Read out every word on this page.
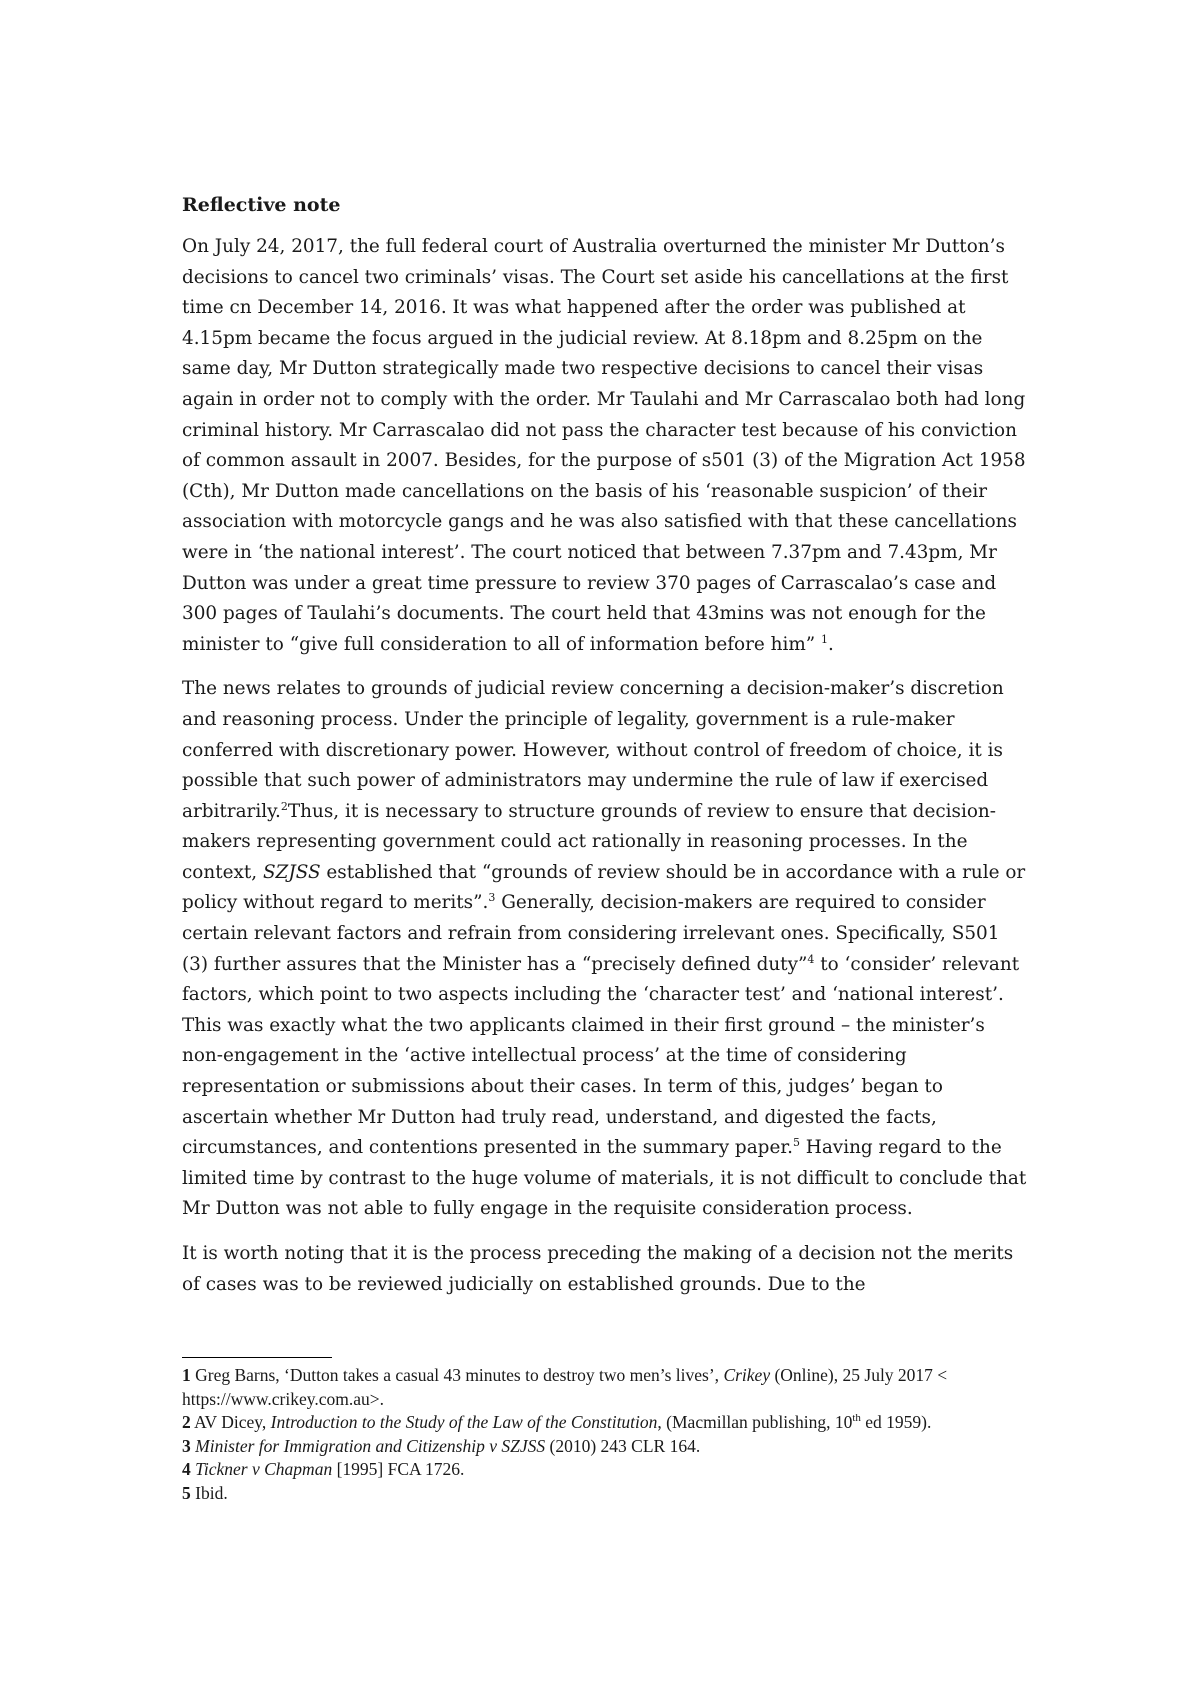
Reflective note

On July 24, 2017, the full federal court of Australia overturned the minister Mr Dutton’s decisions to cancel two criminals’ visas. The Court set aside his cancellations at the first time cn December 14, 2016. It was what happened after the order was published at 4.15pm became the focus argued in the judicial review. At 8.18pm and 8.25pm on the same day, Mr Dutton strategically made two respective decisions to cancel their visas again in order not to comply with the order. Mr Taulahi and Mr Carrascalao both had long criminal history. Mr Carrascalao did not pass the character test because of his conviction of common assault in 2007. Besides, for the purpose of s501 (3) of the Migration Act 1958 (Cth), Mr Dutton made cancellations on the basis of his ‘reasonable suspicion’ of their association with motorcycle gangs and he was also satisfied with that these cancellations were in ‘the national interest’. The court noticed that between 7.37pm and 7.43pm, Mr Dutton was under a great time pressure to review 370 pages of Carrascalao’s case and 300 pages of Taulahi’s documents. The court held that 43mins was not enough for the minister to “give full consideration to all of information before him” $^1$.

The news relates to grounds of judicial review concerning a decision-maker’s discretion and reasoning process. Under the principle of legality, government is a rule-maker conferred with discretionary power. However, without control of freedom of choice, it is possible that such power of administrators may undermine the rule of law if exercised arbitrarily.$^2$Thus, it is necessary to structure grounds of review to ensure that decision-makers representing government could act rationally in reasoning processes. In the context, SZJSS established that “grounds of review should be in accordance with a rule or policy without regard to merits”.$^3$ Generally, decision-makers are required to consider certain relevant factors and refrain from considering irrelevant ones. Specifically, S501 (3) further assures that the Minister has a “precisely defined duty”$^4$ to ‘consider’ relevant factors, which point to two aspects including the ‘character test’ and ‘national interest’. This was exactly what the two applicants claimed in their first ground – the minister’s non-engagement in the ‘active intellectual process’ at the time of considering representation or submissions about their cases. In term of this, judges’ began to ascertain whether Mr Dutton had truly read, understand, and digested the facts, circumstances, and contentions presented in the summary paper.$^5$ Having regard to the limited time by contrast to the huge volume of materials, it is not difficult to conclude that Mr Dutton was not able to fully engage in the requisite consideration process.

It is worth noting that it is the process preceding the making of a decision not the merits of cases was to be reviewed judicially on established grounds. Due to the

1 Greg Barns, ‘Dutton takes a casual 43 minutes to destroy two men’s lives’, Crikey (Online), 25 July 2017 < https://www.crikey.com.au>.

2 AV Dicey, Introduction to the Study of the Law of the Constitution, (Macmillan publishing, 10th ed 1959).

3 Minister for Immigration and Citizenship v SZJSS (2010) 243 CLR 164.

4 Tickner v Chapman [1995] FCA 1726.

5 Ibid.
